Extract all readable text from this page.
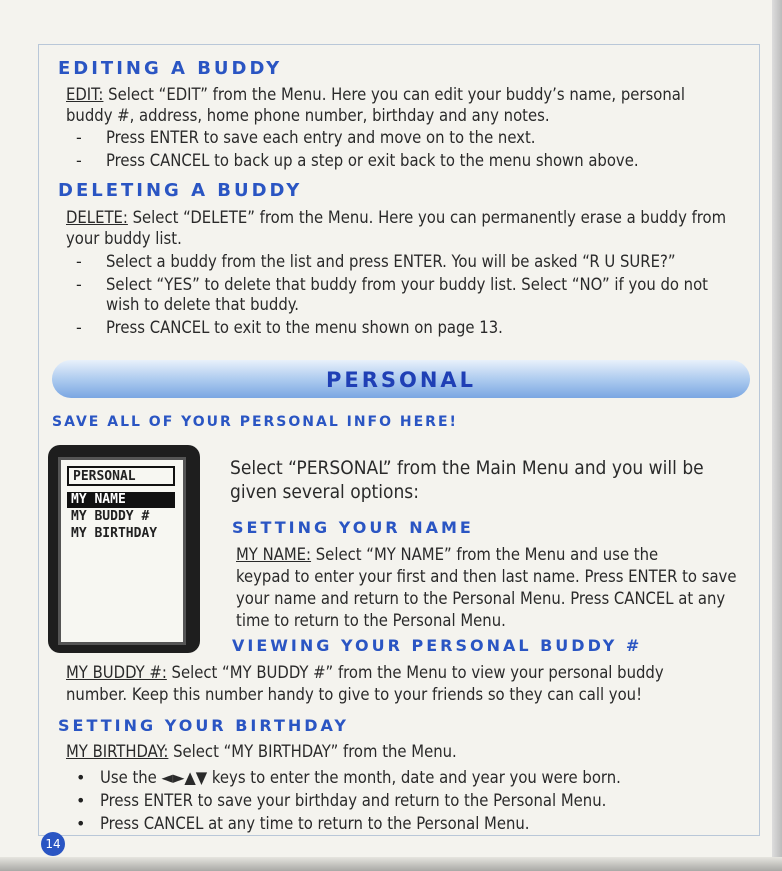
EDITING A BUDDY

EDIT: Select “EDIT” from the Menu. Here you can edit your buddy’s name, personal

buddy #, address, home phone number, birthday and any notes.

- Press ENTER to save each entry and move on to the next.

- Press CANCEL to back up a step or exit back to the menu shown above.

DELETING A BUDDY

DELETE: Select “DELETE” from the Menu. Here you can permanently erase a buddy from

your buddy list.

- Select a buddy from the list and press ENTER. You will be asked “R U SURE?”

- Select “YES” to delete that buddy from your buddy list. Select “NO” if you do not

wish to delete that buddy.

- Press CANCEL to exit to the menu shown on page 13.

PERSONAL
SAVE ALL OF YOUR PERSONAL INFO HERE!
PERSONAL
MY NAME
MY BUDDY #
MY BIRTHDAY

Select “PERSONAL” from the Main Menu and you will be

given several options:

SETTING YOUR NAME

MY NAME: Select “MY NAME” from the Menu and use the

keypad to enter your first and then last name. Press ENTER to save

your name and return to the Personal Menu. Press CANCEL at any

time to return to the Personal Menu.

VIEWING YOUR PERSONAL BUDDY #

MY BUDDY #: Select “MY BUDDY #” from the Menu to view your personal buddy

number. Keep this number handy to give to your friends so they can call you!

SETTING YOUR BIRTHDAY

MY BIRTHDAY: Select “MY BIRTHDAY” from the Menu.

• Use the ◄►▲▼ keys to enter the month, date and year you were born.

• Press ENTER to save your birthday and return to the Personal Menu.

• Press CANCEL at any time to return to the Personal Menu.

14
